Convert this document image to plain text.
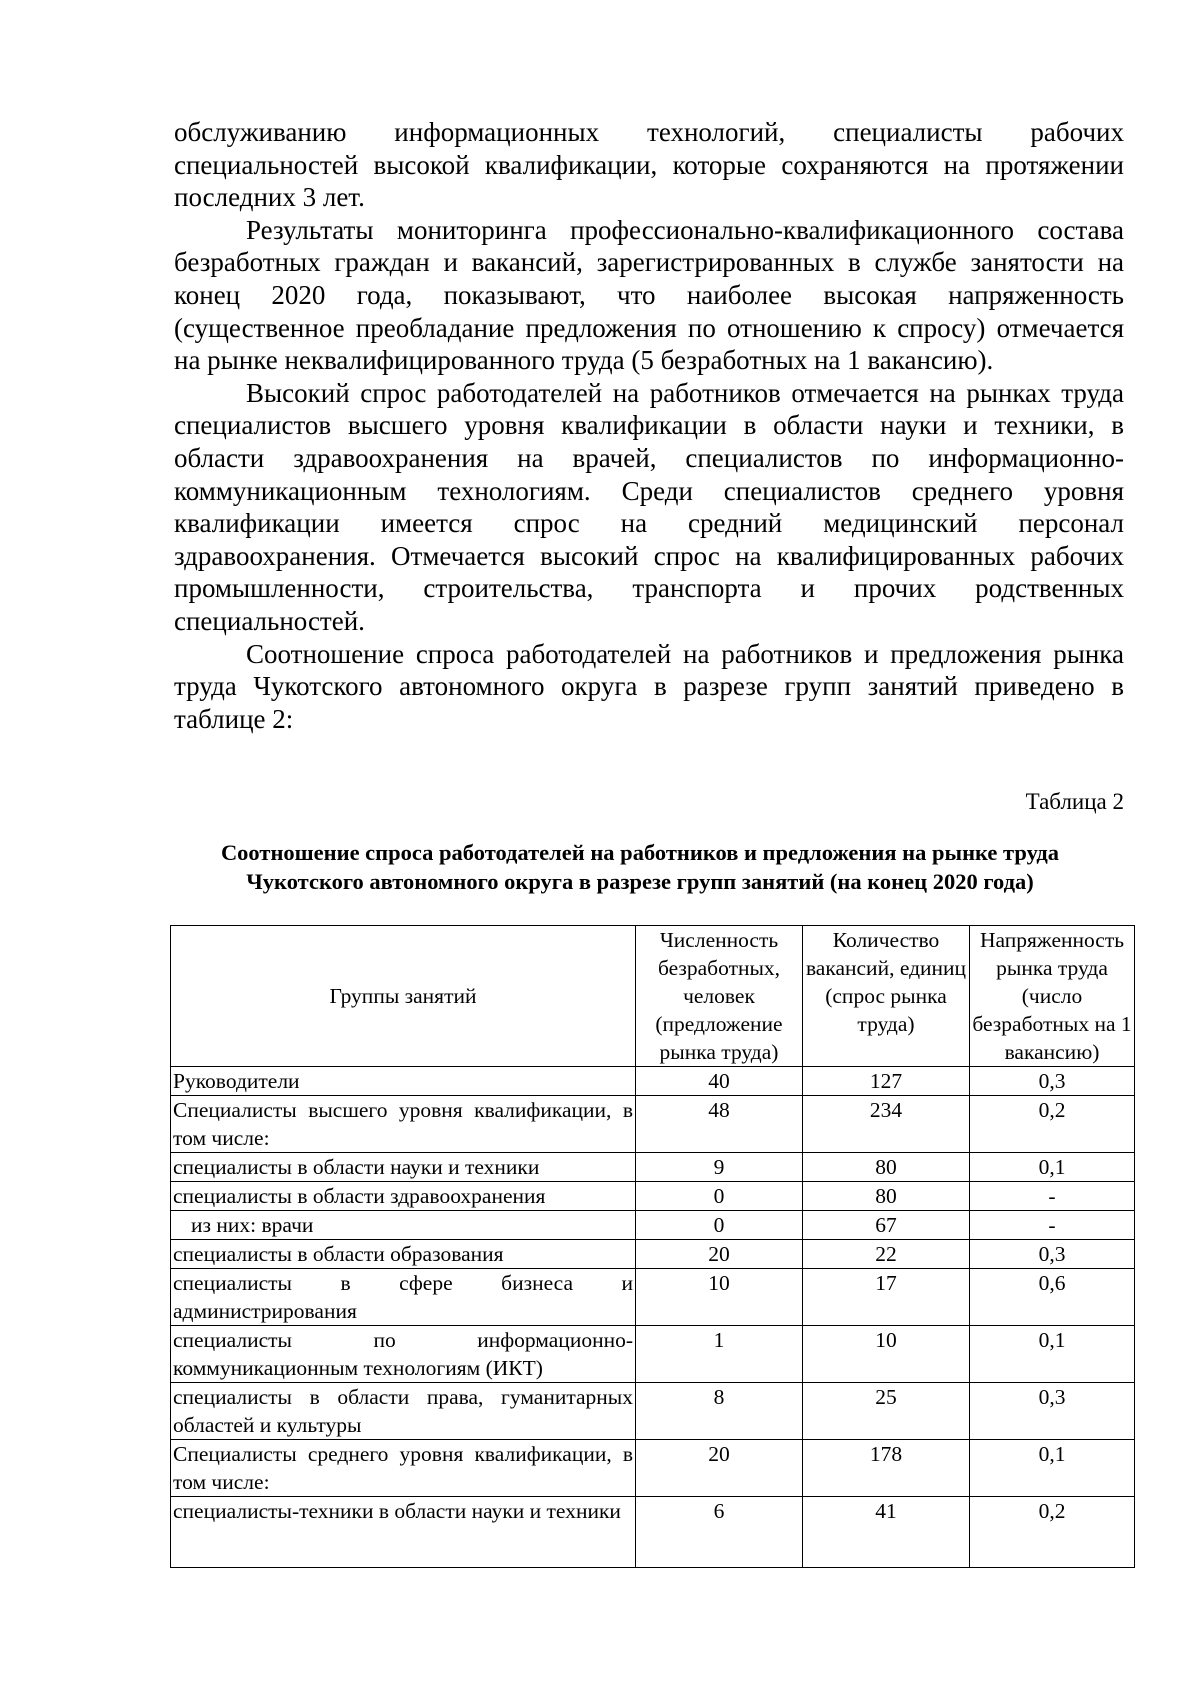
обслуживанию информационных технологий, специалисты рабочих специальностей высокой квалификации, которые сохраняются на протяжении последних 3 лет.

Результаты мониторинга профессионально-квалификационного состава безработных граждан и вакансий, зарегистрированных в службе занятости на конец 2020 года, показывают, что наиболее высокая напряженность (существенное преобладание предложения по отношению к спросу) отмечается на рынке неквалифицированного труда (5 безработных на 1 вакансию).

Высокий спрос работодателей на работников отмечается на рынках труда специалистов высшего уровня квалификации в области науки и техники, в области здравоохранения на врачей, специалистов по информационно-коммуникационным технологиям. Среди специалистов среднего уровня квалификации имеется спрос на средний медицинский персонал здравоохранения. Отмечается высокий спрос на квалифицированных рабочих промышленности, строительства, транспорта и прочих родственных специальностей.

Соотношение спроса работодателей на работников и предложения рынка труда Чукотского автономного округа в разрезе групп занятий приведено в таблице 2:

Таблица 2
Соотношение спроса работодателей на работников и предложения на рынке труда
Чукотского автономного округа в разрезе групп занятий (на конец 2020 года)
Группы занятий	Численность безработных, человек (предложение рынка труда)	Количество вакансий, единиц (спрос рынка труда)	Напряженность рынка труда (число безработных на 1 вакансию)
Руководители	40	127	0,3
Специалисты высшего уровня квалификации, в том числе:	48	234	0,2
специалисты в области науки и техники	9	80	0,1
специалисты в области здравоохранения	0	80	-
из них: врачи	0	67	-
специалисты в области образования	20	22	0,3
специалисты в сфере бизнеса и администрирования	10	17	0,6
специалисты по информационно-коммуникационным технологиям (ИКТ)	1	10	0,1
специалисты в области права, гуманитарных областей и культуры	8	25	0,3
Специалисты среднего уровня квалификации, в том числе:	20	178	0,1
специалисты-техники в области науки и техники	6	41	0,2
